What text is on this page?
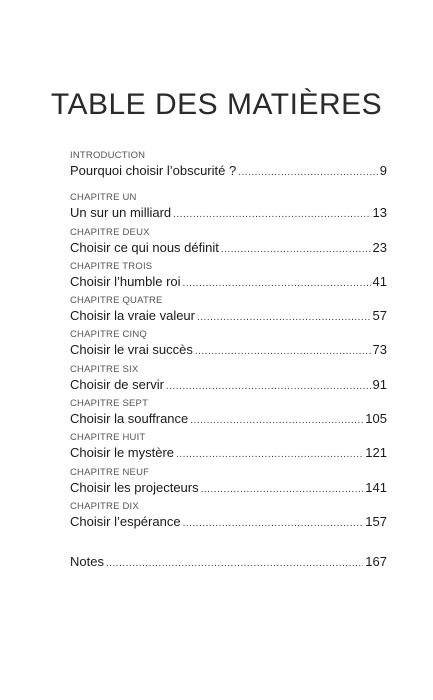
TABLE DES MATIÈRES
INTRODUCTION
Pourquoi choisir l’obscurité ? .....	9
CHAPITRE UN
Un sur un milliard .....	13
CHAPITRE DEUX
Choisir ce qui nous définit .....	23
CHAPITRE TROIS
Choisir l’humble roi .....	41
CHAPITRE QUATRE
Choisir la vraie valeur .....	57
CHAPITRE CINQ
Choisir le vrai succès .....	73
CHAPITRE SIX
Choisir de servir .....	91
CHAPITRE SEPT
Choisir la souffrance .....	105
CHAPITRE HUIT
Choisir le mystère .....	121
CHAPITRE NEUF
Choisir les projecteurs .....	141
CHAPITRE DIX
Choisir l’espérance .....	157
Notes .....	167
